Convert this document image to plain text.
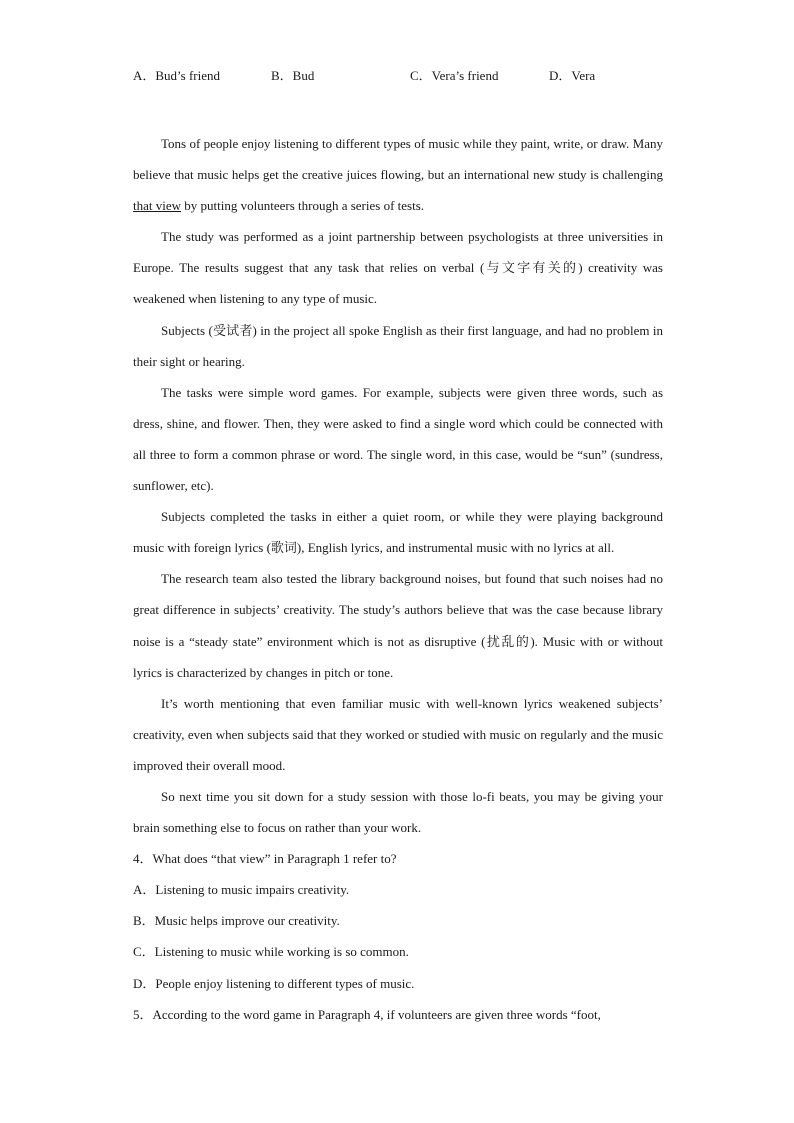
A．Bud’s friend	B．Bud	C．Vera’s friend	D．Vera

Tons of people enjoy listening to different types of music while they paint, write, or draw. Many believe that music helps get the creative juices flowing, but an international new study is challenging that view by putting volunteers through a series of tests.

The study was performed as a joint partnership between psychologists at three universities in Europe. The results suggest that any task that relies on verbal (与文字有关的) creativity was weakened when listening to any type of music.

Subjects (受试者) in the project all spoke English as their first language, and had no problem in their sight or hearing.

The tasks were simple word games. For example, subjects were given three words, such as dress, shine, and flower. Then, they were asked to find a single word which could be connected with all three to form a common phrase or word. The single word, in this case, would be “sun” (sundress, sunflower, etc).

Subjects completed the tasks in either a quiet room, or while they were playing background music with foreign lyrics (歌词), English lyrics, and instrumental music with no lyrics at all.

The research team also tested the library background noises, but found that such noises had no great difference in subjects’ creativity. The study’s authors believe that was the case because library noise is a “steady state” environment which is not as disruptive (扰乱的). Music with or without lyrics is characterized by changes in pitch or tone.

It’s worth mentioning that even familiar music with well-known lyrics weakened subjects’ creativity, even when subjects said that they worked or studied with music on regularly and the music improved their overall mood.

So next time you sit down for a study session with those lo-fi beats, you may be giving your brain something else to focus on rather than your work.

4．What does “that view” in Paragraph 1 refer to?
A．Listening to music impairs creativity.
B．Music helps improve our creativity.
C．Listening to music while working is so common.
D．People enjoy listening to different types of music.
5．According to the word game in Paragraph 4, if volunteers are given three words “foot,
